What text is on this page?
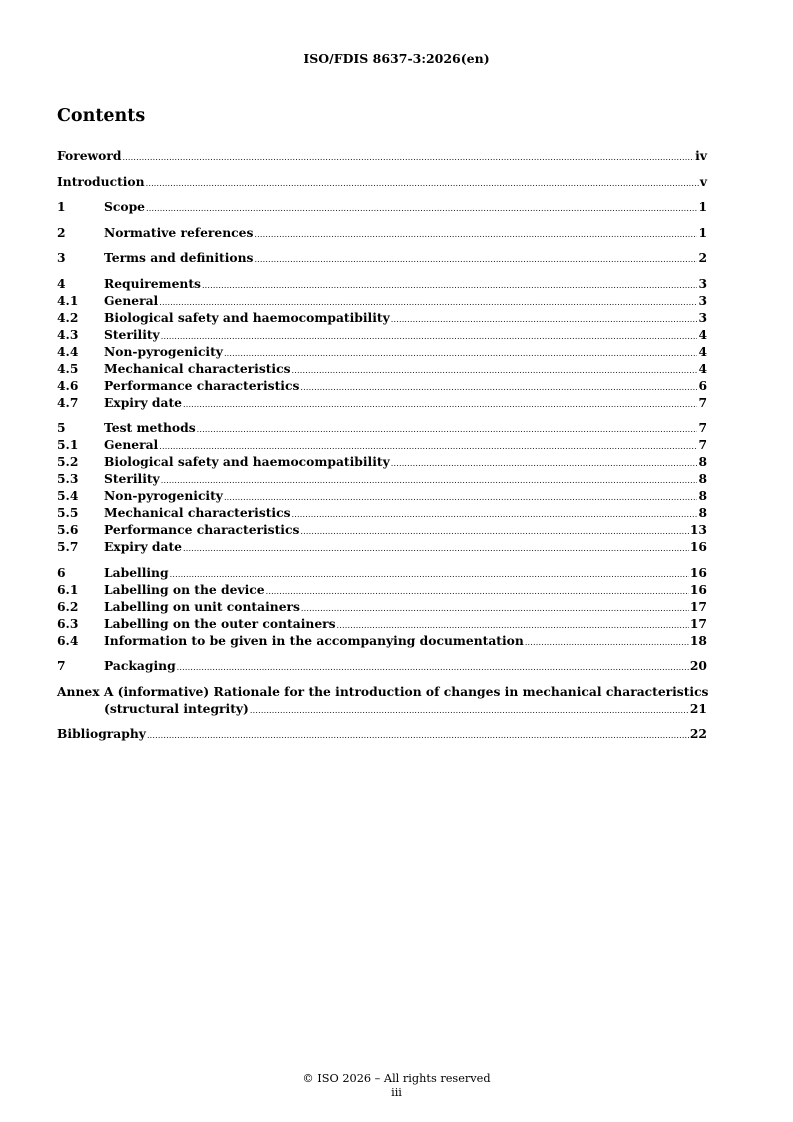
ISO/FDIS 8637-3:2026(en)
Contents
Foreword .....	iv
Introduction .....	v
1	Scope .....	1
2	Normative references .....	1
3	Terms and definitions .....	2
4	Requirements .....	3
4.1	General .....	3
4.2	Biological safety and haemocompatibility .....	3
4.3	Sterility .....	4
4.4	Non-pyrogenicity .....	4
4.5	Mechanical characteristics .....	4
4.6	Performance characteristics .....	6
4.7	Expiry date .....	7
5	Test methods .....	7
5.1	General .....	7
5.2	Biological safety and haemocompatibility .....	8
5.3	Sterility .....	8
5.4	Non-pyrogenicity .....	8
5.5	Mechanical characteristics .....	8
5.6	Performance characteristics .....	13
5.7	Expiry date .....	16
6	Labelling .....	16
6.1	Labelling on the device .....	16
6.2	Labelling on unit containers .....	17
6.3	Labelling on the outer containers .....	17
6.4	Information to be given in the accompanying documentation .....	18
7	Packaging .....	20
Annex A (informative) Rationale for the introduction of changes in mechanical characteristics
(structural integrity) .....	21
Bibliography .....	22
© ISO 2026 – All rights reserved
iii
